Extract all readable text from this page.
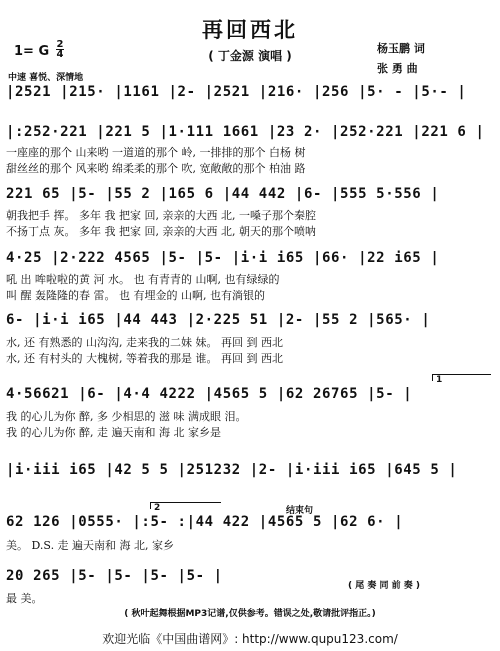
再回西北
( 丁金源 演唱 )
杨玉鹏 词
张 勇 曲
1= G 2
4
中速 喜悦、深情地
|2521 |215· |1161 |2- |2521 |216· |256 |5· - |5·- |
|:252·221 |221 5 |1·111 1661 |23 2· |252·221 |221 6 |
一座座的那个 山来哟 一道道的那个 岭, 一排排的那个 白杨 树
甜丝丝的那个 风来哟 绵柔柔的那个 吹, 宽敞敞的那个 柏油 路
221 65 |5- |55 2 |165 6 |44 442 |6- |555 5·556 |
朝我把手 挥。 多年 我 把家 回, 亲亲的大西 北, 一嗓子那个秦腔
不扬丁点 灰。 多年 我 把家 回, 亲亲的大西 北, 朝天的那个喷呐
4·25 |2·222 4565 |5- |5- |i·i i65 |66· |22 i65 |
吼 出 哞啦啦的黄 河 水。 也 有青青的 山啊, 也有绿绿的
叫 醒 轰隆隆的春 雷。 也 有埋金的 山啊, 也有淌银的
6- |i·i i65 |44 443 |2·225 51 |2- |55 2 |565· |
水, 还 有熟悉的 山沟沟, 走来我的二妹 妹。 再回 到 西北
水, 还 有村头的 大槐树, 等着我的那是 谁。 再回 到 西北
1
4·56621 |6- |4·4 4222 |4565 5 |62 26765 |5- |
我 的心儿为你 醉, 多 少相思的 滋 味 满成眼 泪。
我 的心儿为你 醉, 走 遍天南和 海 北 家乡是
|i·iii i65 |42 5 5 |251232 |2- |i·iii i65 |645 5 |
2	结束句
62 126 |0555· |:5- :|44 422 |4565 5 |62 6· |
美。 D.S. 走 遍天南和 海 北, 家乡
20 265 |5- |5- |5- |5- |
( 尾 奏 同 前 奏 )
最 美。
( 秋叶起舞根据MP3记谱,仅供参考。错误之处,敬请批评指正。)
欢迎光临《中国曲谱网》: http://www.qupu123.com/
